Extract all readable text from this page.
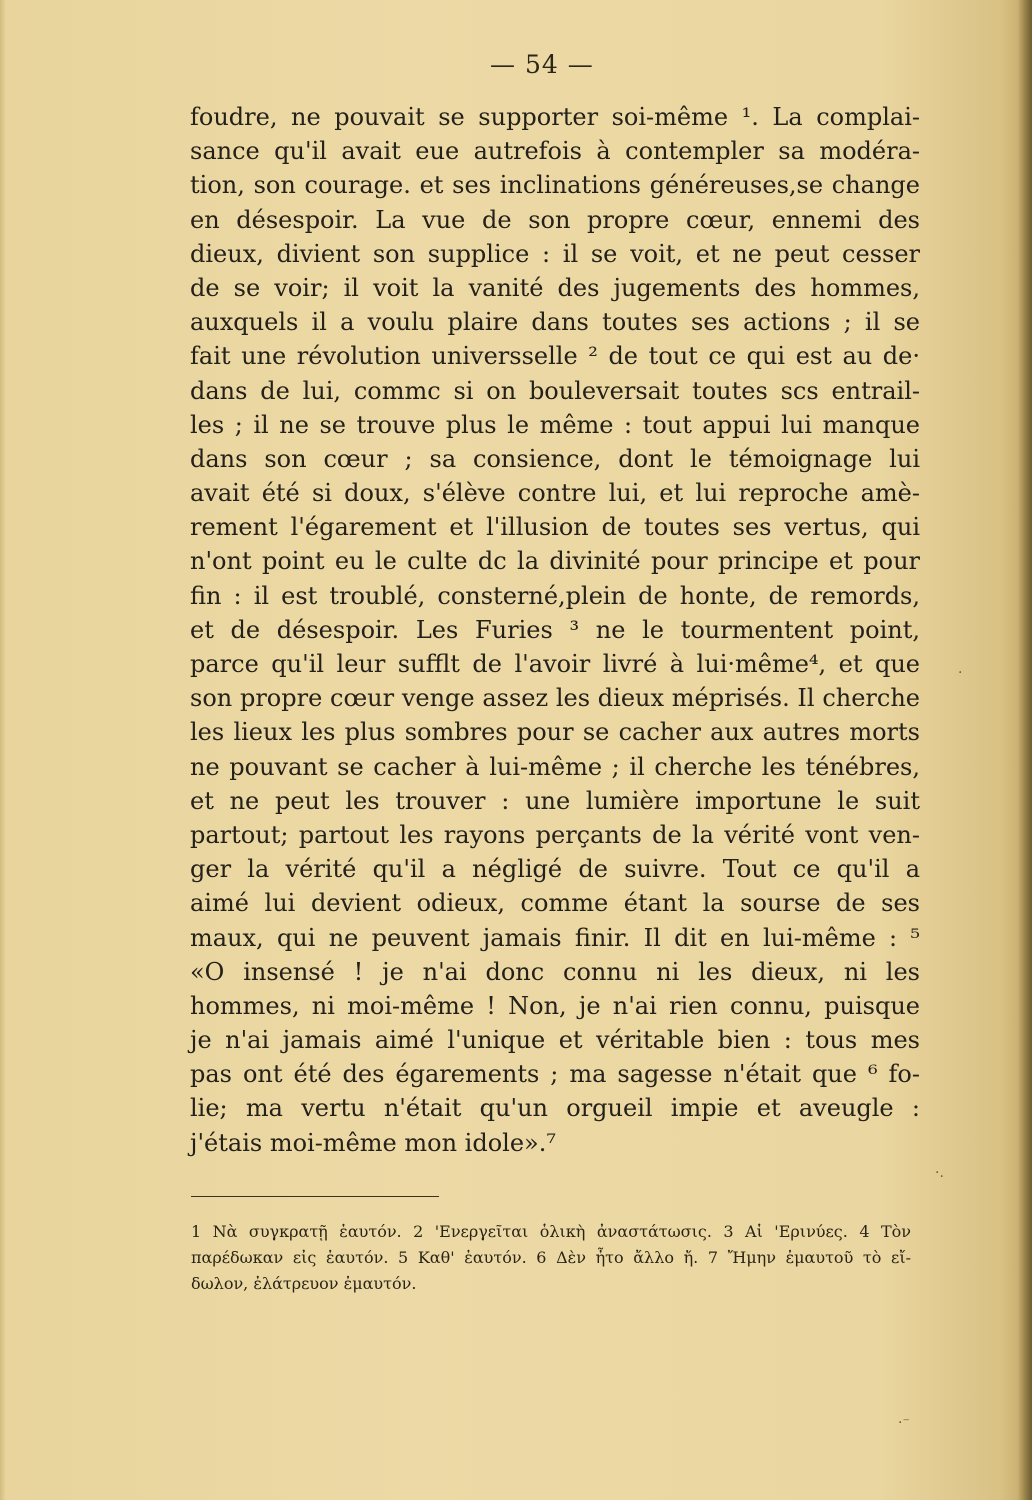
— 54 —
foudre, ne pouvait se supporter soi-même ¹. La complai-
sance qu'il avait eue autrefois à contempler sa modéra-
tion, son courage. et ses inclinations généreuses,se change
en désespoir. La vue de son propre cœur, ennemi des
dieux, divient son supplice : il se voit, et ne peut cesser
de se voir; il voit la vanité des jugements des hommes,
auxquels il a voulu plaire dans toutes ses actions ; il se
fait une révolution universselle ² de tout ce qui est au de·
dans de lui, commc si on bouleversait toutes scs entrail-
les ; il ne se trouve plus le même : tout appui lui manque
dans son cœur ; sa consience, dont le témoignage lui
avait été si doux, s'élève contre lui, et lui reproche amè-
rement l'égarement et l'illusion de toutes ses vertus, qui
n'ont point eu le culte dc la divinité pour principe et pour
fin : il est troublé, consterné,plein de honte, de remords,
et de désespoir. Les Furies ³ ne le tourmentent point,
parce qu'il leur sufflt de l'avoir livré à lui·même⁴, et que
son propre cœur venge assez les dieux méprisés. Il cherche
les lieux les plus sombres pour se cacher aux autres morts
ne pouvant se cacher à lui-même ; il cherche les ténébres,
et ne peut les trouver : une lumière importune le suit
partout; partout les rayons perçants de la vérité vont ven-
ger la vérité qu'il a négligé de suivre. Tout ce qu'il a
aimé lui devient odieux, comme étant la sourse de ses
maux, qui ne peuvent jamais finir. Il dit en lui-même : ⁵
«O insensé ! je n'ai donc connu ni les dieux, ni les
hommes, ni moi-même ! Non, je n'ai rien connu, puisque
je n'ai jamais aimé l'unique et véritable bien : tous mes
pas ont été des égarements ; ma sagesse n'était que ⁶ fo-
lie; ma vertu n'était qu'un orgueil impie et aveugle :
j'étais moi-même mon idole».⁷
1 Νὰ συγκρατῇ ἑαυτόν. 2 'Ενεργεῖται ὁλικὴ ἀναστάτωσις. 3 Αἱ 'Ερινύες. 4 Τὸν
παρέδωκαν εἰς ἑαυτόν. 5 Καθ' ἑαυτόν. 6 Δὲν ἦτο ἄλλο ἤ. 7 Ἤμην ἐμαυτοῦ τὸ εἴ-
δωλον, ἐλάτρευον ἐμαυτόν.
·.
·
·⁻
